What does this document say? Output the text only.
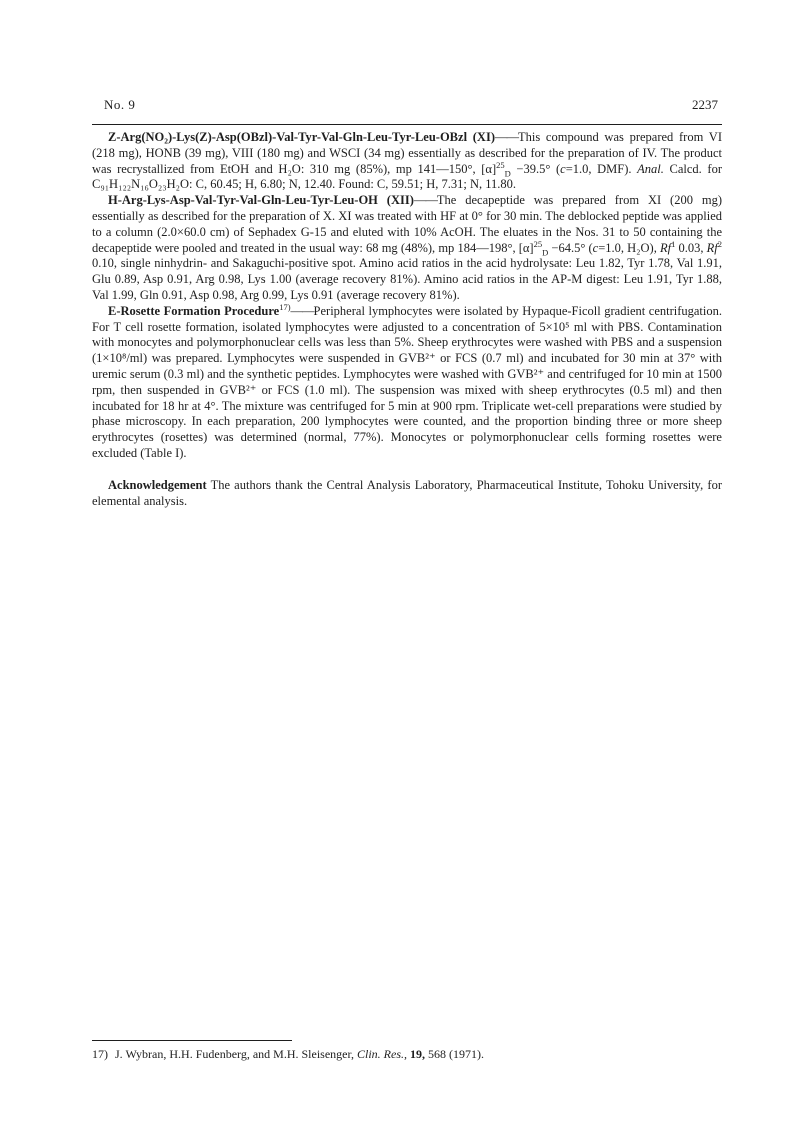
No. 9	2237

Z-Arg(NO₂)-Lys(Z)-Asp(OBzl)-Val-Tyr-Val-Gln-Leu-Tyr-Leu-OBzl (XI)——This compound was prepared from VI (218 mg), HONB (39 mg), VIII (180 mg) and WSCI (34 mg) essentially as described for the preparation of IV. The product was recrystallized from EtOH and H₂O: 310 mg (85%), mp 141—150°, $[\alpha]^{25}_D -39.5^\circ$ (c=1.0, DMF). Anal. Calcd. for C₉₁H₁₂₂N₁₆O₂₃H₂O: C, 60.45; H, 6.80; N, 12.40. Found: C, 59.51; H, 7.31; N, 11.80.

H-Arg-Lys-Asp-Val-Tyr-Val-Gln-Leu-Tyr-Leu-OH (XII)——The decapeptide was prepared from XI (200 mg) essentially as described for the preparation of X. XI was treated with HF at 0° for 30 min. The deblocked peptide was applied to a column (2.0×60.0 cm) of Sephadex G-15 and eluted with 10% AcOH. The eluates in the Nos. 31 to 50 containing the decapeptide were pooled and treated in the usual way: 68 mg (48%), mp 184—198°, $[\alpha]^{25}_D -64.5^\circ$ (c=1.0, H₂O), Rf$^1$ 0.03, Rf$^2$ 0.10, single ninhydrin- and Sakaguchi-positive spot. Amino acid ratios in the acid hydrolysate: Leu 1.82, Tyr 1.78, Val 1.91, Glu 0.89, Asp 0.91, Arg 0.98, Lys 1.00 (average recovery 81%). Amino acid ratios in the AP-M digest: Leu 1.91, Tyr 1.88, Val 1.99, Gln 0.91, Asp 0.98, Arg 0.99, Lys 0.91 (average recovery 81%).

E-Rosette Formation Procedure$^{17)}$——Peripheral lymphocytes were isolated by Hypaque-Ficoll gradient centrifugation. For T cell rosette formation, isolated lymphocytes were adjusted to a concentration of 5×10⁵ ml with PBS. Contamination with monocytes and polymorphonuclear cells was less than 5%. Sheep erythrocytes were washed with PBS and a suspension (1×10⁸/ml) was prepared. Lymphocytes were suspended in GVB²⁺ or FCS (0.7 ml) and incubated for 30 min at 37° with uremic serum (0.3 ml) and the synthetic peptides. Lymphocytes were washed with GVB²⁺ and centrifuged for 10 min at 1500 rpm, then suspended in GVB²⁺ or FCS (1.0 ml). The suspension was mixed with sheep erythrocytes (0.5 ml) and then incubated for 18 hr at 4°. The mixture was centrifuged for 5 min at 900 rpm. Triplicate wet-cell preparations were studied by phase microscopy. In each preparation, 200 lymphocytes were counted, and the proportion binding three or more sheep erythrocytes (rosettes) was determined (normal, 77%). Monocytes or polymorphonuclear cells forming rosettes were excluded (Table I).

Acknowledgement The authors thank the Central Analysis Laboratory, Pharmaceutical Institute, Tohoku University, for elemental analysis.

17) J. Wybran, H.H. Fudenberg, and M.H. Sleisenger, Clin. Res., 19, 568 (1971).
